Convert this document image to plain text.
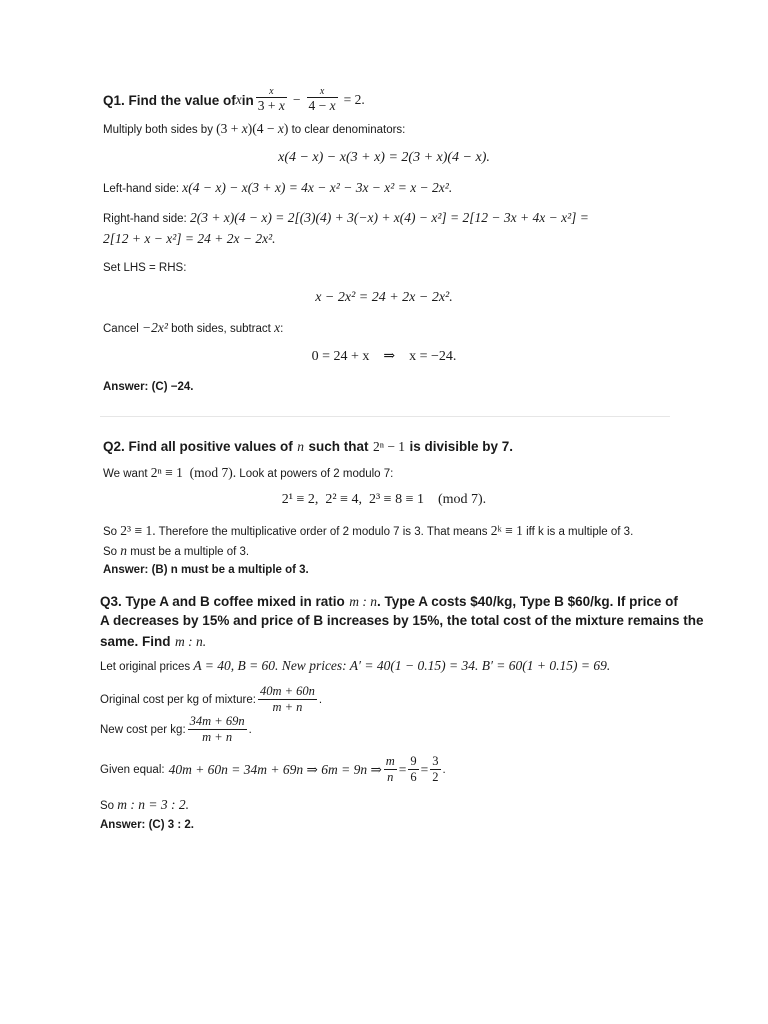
Q1. Find the value of x in $\frac{x}{3 + x} - \frac{x}{4 - x} = 2$.
Multiply both sides by (3 + x)(4 − x) to clear denominators:
x(4 − x) − x(3 + x) = 2(3 + x)(4 − x).
Left-hand side: x(4 − x) − x(3 + x) = 4x − x² − 3x − x² = x − 2x².
Right-hand side: 2(3 + x)(4 − x) = 2[(3)(4) + 3(−x) + x(4) − x²] = 2[12 − 3x + 4x − x²] =
2[12 + x − x²] = 24 + 2x − 2x².
Set LHS = RHS:
x − 2x² = 24 + 2x − 2x².
Cancel −2x² both sides, subtract x:
0 = 24 + x    ⇒    x = −24.
Answer: (C) −24.
Q2. Find all positive values of n such that 2ⁿ − 1 is divisible by 7.
We want 2ⁿ ≡ 1  (mod 7). Look at powers of 2 modulo 7:
2¹ ≡ 2,  2² ≡ 4,  2³ ≡ 8 ≡ 1    (mod 7).
So 2³ ≡ 1. Therefore the multiplicative order of 2 modulo 7 is 3. That means 2ᵏ ≡ 1 iff k is a multiple of 3.
So n must be a multiple of 3.
Answer: (B) n must be a multiple of 3.
Q3. Type A and B coffee mixed in ratio m : n. Type A costs $40/kg, Type B $60/kg. If price of
A decreases by 15% and price of B increases by 15%, the total cost of the mixture remains the
same. Find m : n.
Let original prices A = 40, B = 60. New prices: A′ = 40(1 − 0.15) = 34. B′ = 60(1 + 0.15) = 69.
Original cost per kg of mixture: $\frac{40m + 60n}{m + n}$ .
New cost per kg: $\frac{34m + 69n}{m + n}$ .
Given equal: 40m + 60n = 34m + 69n ⇒ 6m = 9n ⇒ $\frac{m}{n} = \frac{9}{6} = \frac{3}{2}$ .
So m : n = 3 : 2.
Answer: (C) 3 : 2.
